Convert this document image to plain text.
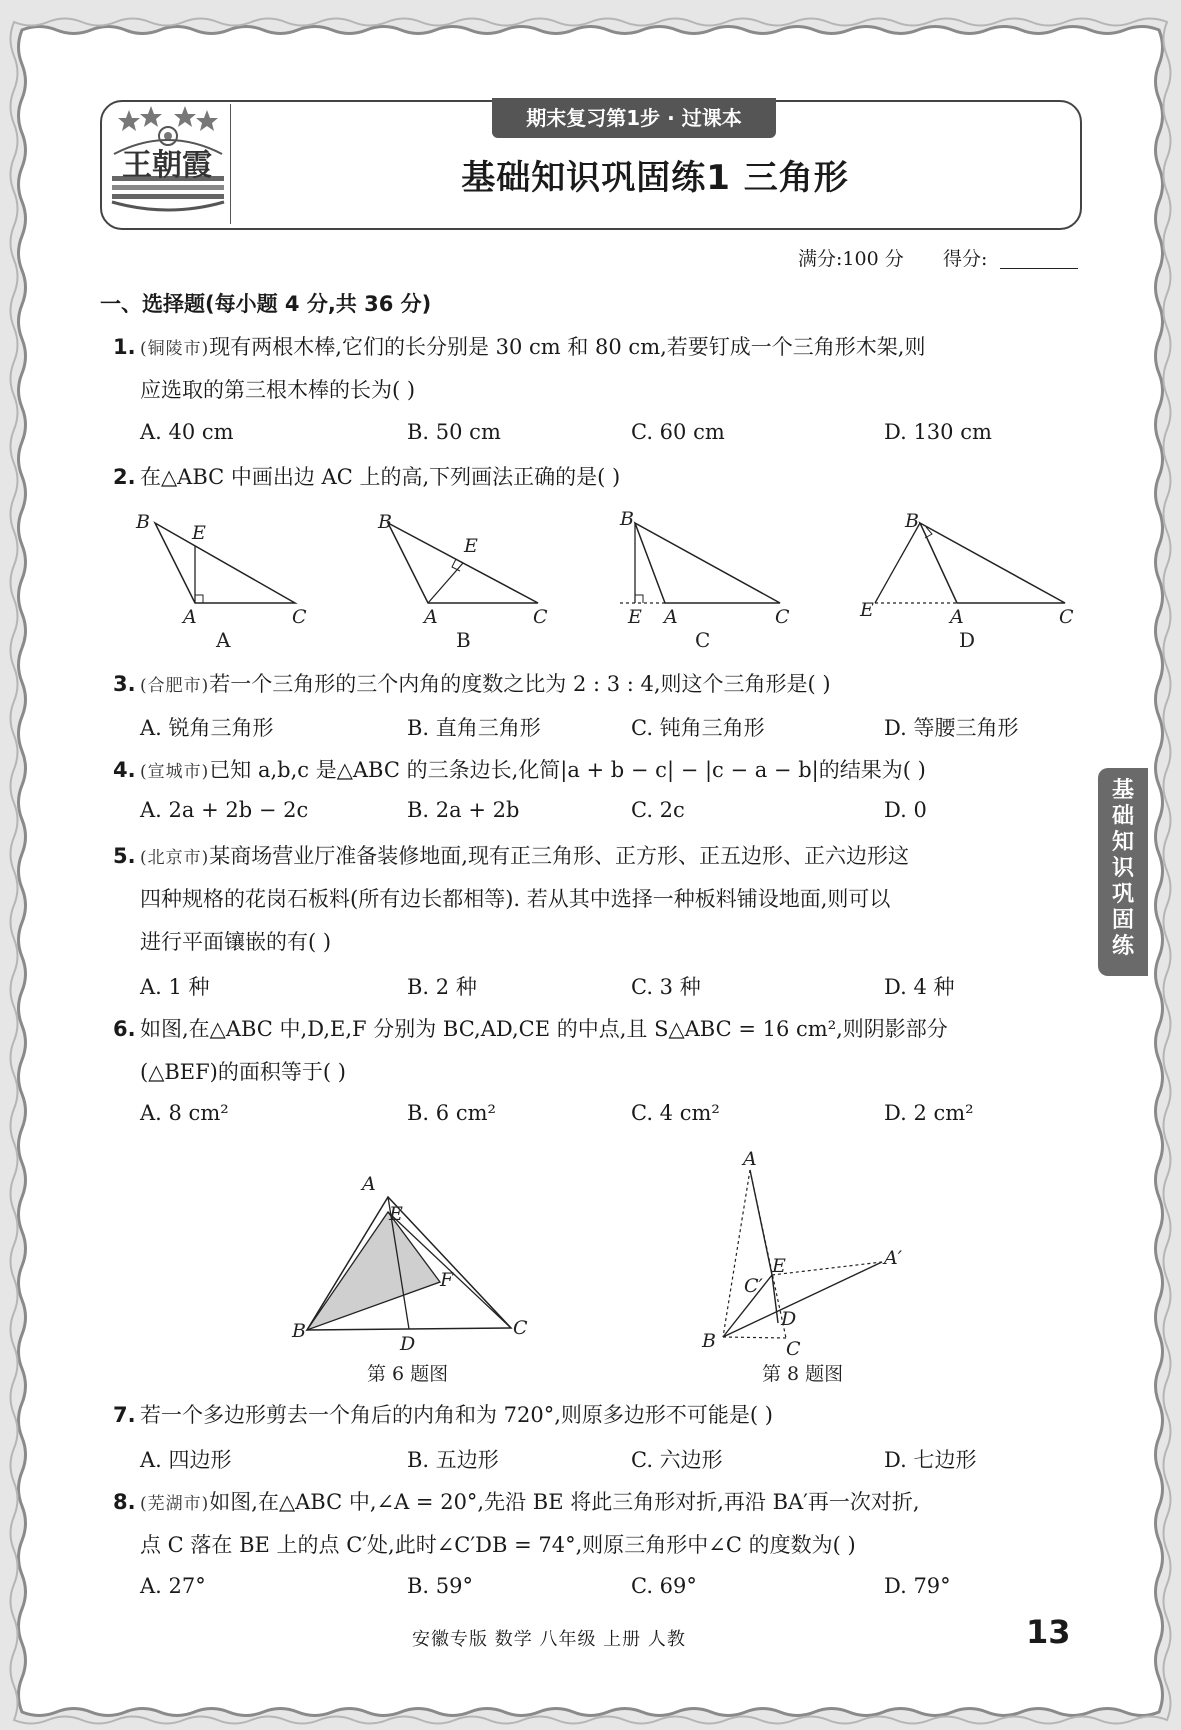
王朝霞
期末复习第1步 · 过课本
基础知识巩固练1 三角形
满分:100 分 得分:
一、选择题(每小题 4 分,共 36 分)
1. (铜陵市)现有两根木棒,它们的长分别是 30 cm 和 80 cm,若要钉成一个三角形木架,则
应选取的第三根木棒的长为( )
A. 40 cm	B. 50 cm	C. 60 cm	D. 130 cm
2. 在△ABC 中画出边 AC 上的高,下列画法正确的是( )
B E
A	C
A
B
E
A	C
B
B
E A	C
C
B
E	A	C
D
3. (合肥市)若一个三角形的三个内角的度数之比为 2 : 3 : 4,则这个三角形是( )
A. 锐角三角形	B. 直角三角形	C. 钝角三角形	D. 等腰三角形
4. (宣城市)已知 a,b,c 是△ABC 的三条边长,化简|a + b − c| − |c − a − b|的结果为( )
A. 2a + 2b − 2c	B. 2a + 2b	C. 2c	D. 0
5. (北京市)某商场营业厅准备装修地面,现有正三角形、正方形、正五边形、正六边形这
四种规格的花岗石板料(所有边长都相等). 若从其中选择一种板料铺设地面,则可以
进行平面镶嵌的有( )
A. 1 种	B. 2 种	C. 3 种	D. 4 种
6. 如图,在△ABC 中,D,E,F 分别为 BC,AD,CE 的中点,且 S△ABC = 16 cm²,则阴影部分
(△BEF)的面积等于( )
A. 8 cm²	B. 6 cm²	C. 4 cm²	D. 2 cm²
A
E
F
B
D
C
第 6 题图
A
E	A′
C′
D
B	C
第 8 题图
7. 若一个多边形剪去一个角后的内角和为 720°,则原多边形不可能是( )
A. 四边形	B. 五边形	C. 六边形	D. 七边形
8. (芜湖市)如图,在△ABC 中,∠A = 20°,先沿 BE 将此三角形对折,再沿 BA′再一次对折,
点 C 落在 BE 上的点 C′处,此时∠C′DB = 74°,则原三角形中∠C 的度数为( )
A. 27°	B. 59°	C. 69°	D. 79°
基
础
知
识
巩
固
练
安徽专版 数学 八年级 上册 人教	13
